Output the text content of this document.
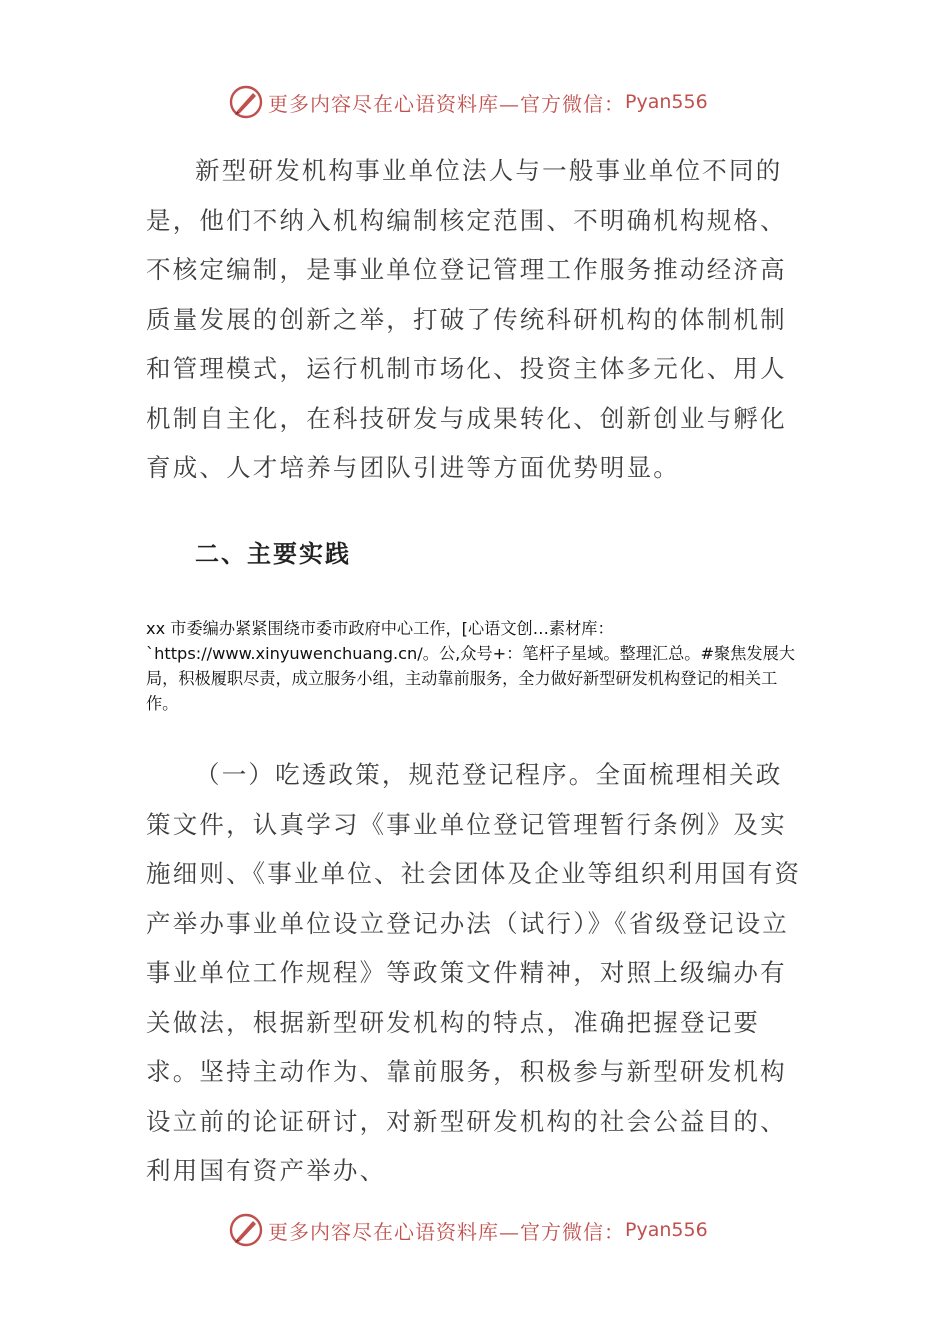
更多内容尽在心语资料库—官方微信： Pyan556
新型研发机构事业单位法人与一般事业单位不同的是，他们不纳入机构编制核定范围、不明确机构规格、不核定编制，是事业单位登记管理工作服务推动经济高质量发展的创新之举，打破了传统科研机构的体制机制和管理模式，运行机制市场化、投资主体多元化、用人机制自主化，在科技研发与成果转化、创新创业与孵化育成、人才培养与团队引进等方面优势明显。
二、主要实践
xx 市委编办紧紧围绕市委市政府中心工作，[心语文创…素材库：`https://www.xinyuwenchuang.cn/。公,众号+：笔杆子星域。整理汇总。#聚焦发展大局，积极履职尽责，成立服务小组，主动靠前服务，全力做好新型研发机构登记的相关工作。

（一）吃透政策，规范登记程序。全面梳理相关政策文件，认真学习《事业单位登记管理暂行条例》及实施细则、《事业单位、社会团体及企业等组织利用国有资产举办事业单位设立登记办法（试行）》《省级登记设立事业单位工作规程》等政策文件精神，对照上级编办有关做法，根据新型研发机构的特点，准确把握登记要求。坚持主动作为、靠前服务，积极参与新型研发机构设立前的论证研讨，对新型研发机构的社会公益目的、利用国有资产举办、

更多内容尽在心语资料库—官方微信： Pyan556
